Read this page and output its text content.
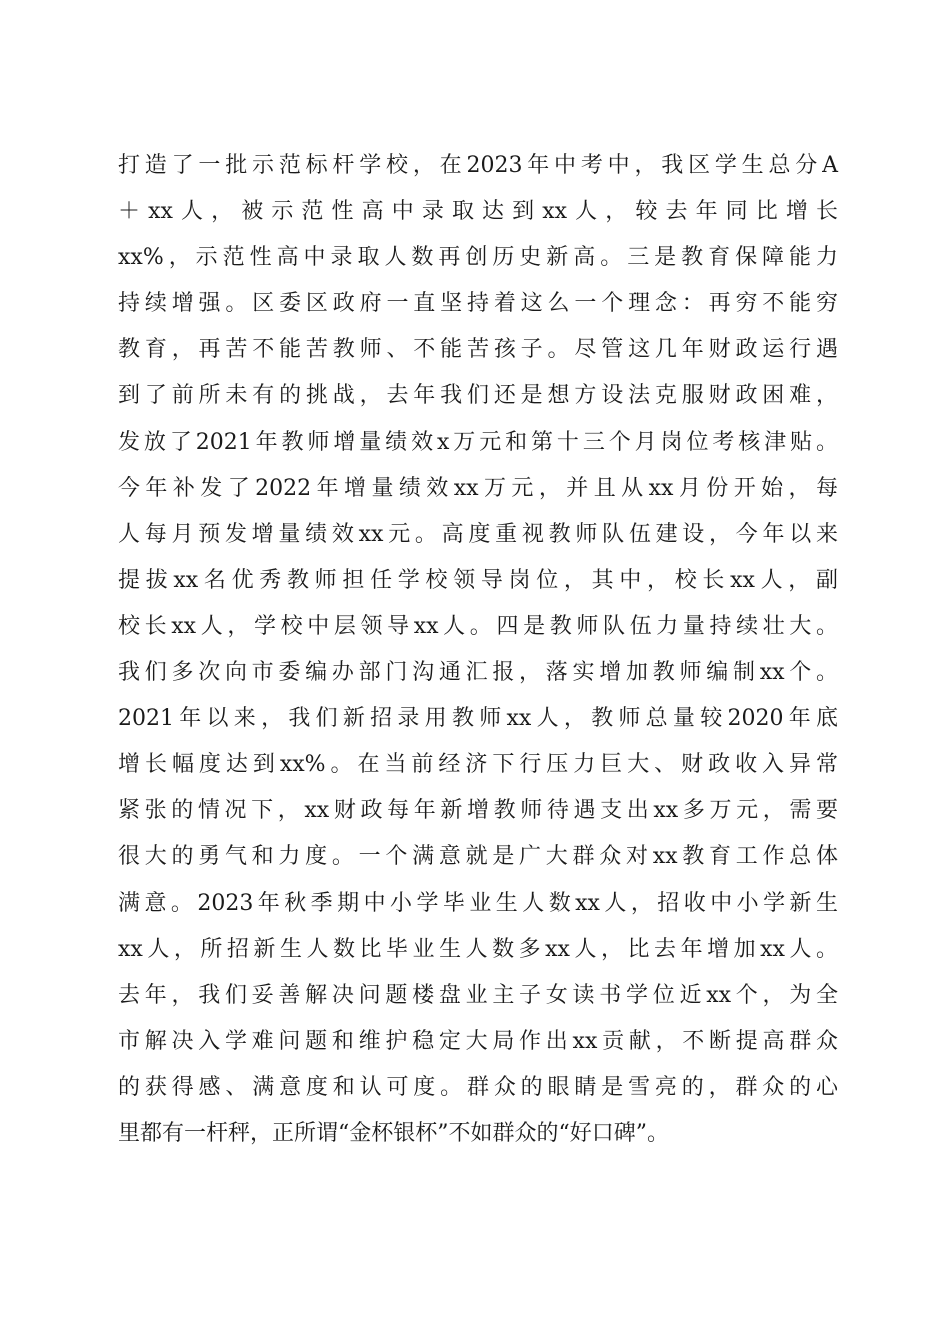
打造了一批示范标杆学校，在2023年中考中，我区学生总分A
＋xx人，被示范性高中录取达到xx人，较去年同比增长
xx%，示范性高中录取人数再创历史新高。三是教育保障能力
持续增强。区委区政府一直坚持着这么一个理念：再穷不能穷
教育，再苦不能苦教师、不能苦孩子。尽管这几年财政运行遇
到了前所未有的挑战，去年我们还是想方设法克服财政困难，
发放了2021年教师增量绩效x万元和第十三个月岗位考核津贴。
今年补发了2022年增量绩效xx万元，并且从xx月份开始，每
人每月预发增量绩效xx元。高度重视教师队伍建设，今年以来
提拔xx名优秀教师担任学校领导岗位，其中，校长xx人，副
校长xx人，学校中层领导xx人。四是教师队伍力量持续壮大。
我们多次向市委编办部门沟通汇报，落实增加教师编制xx个。
2021年以来，我们新招录用教师xx人，教师总量较2020年底
增长幅度达到xx%。在当前经济下行压力巨大、财政收入异常
紧张的情况下，xx财政每年新增教师待遇支出xx多万元，需要
很大的勇气和力度。一个满意就是广大群众对xx教育工作总体
满意。2023年秋季期中小学毕业生人数xx人，招收中小学新生
xx人，所招新生人数比毕业生人数多xx人，比去年增加xx人。
去年，我们妥善解决问题楼盘业主子女读书学位近xx个，为全
市解决入学难问题和维护稳定大局作出xx贡献，不断提高群众
的获得感、满意度和认可度。群众的眼睛是雪亮的，群众的心
里都有一杆秤，正所谓“金杯银杯”不如群众的“好口碑”。
